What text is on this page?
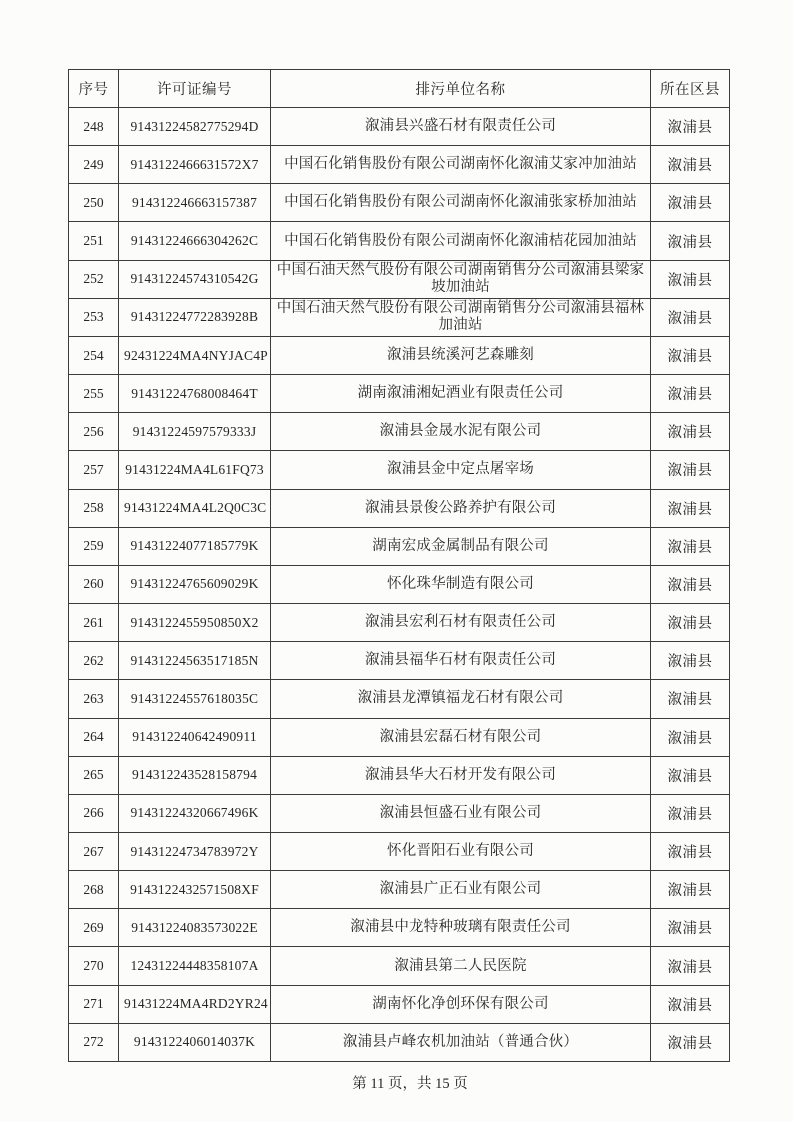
序号	许可证编号	排污单位名称	所在区县
248	91431224582775294D	溆浦县兴盛石材有限责任公司	溆浦县
249	9143122466631572X7	中国石化销售股份有限公司湖南怀化溆浦艾家冲加油站	溆浦县
250	914312246663157387	中国石化销售股份有限公司湖南怀化溆浦张家桥加油站	溆浦县
251	91431224666304262C	中国石化销售股份有限公司湖南怀化溆浦桔花园加油站	溆浦县
252	91431224574310542G	中国石油天然气股份有限公司湖南销售分公司溆浦县梁家坡加油站	溆浦县
253	91431224772283928B	中国石油天然气股份有限公司湖南销售分公司溆浦县福林加油站	溆浦县
254	92431224MA4NYJAC4P	溆浦县统溪河艺森雕刻	溆浦县
255	91431224768008464T	湖南溆浦湘妃酒业有限责任公司	溆浦县
256	91431224597579333J	溆浦县金晟水泥有限公司	溆浦县
257	91431224MA4L61FQ73	溆浦县金中定点屠宰场	溆浦县
258	91431224MA4L2Q0C3C	溆浦县景俊公路养护有限公司	溆浦县
259	91431224077185779K	湖南宏成金属制品有限公司	溆浦县
260	91431224765609029K	怀化珠华制造有限公司	溆浦县
261	9143122455950850X2	溆浦县宏利石材有限责任公司	溆浦县
262	91431224563517185N	溆浦县福华石材有限责任公司	溆浦县
263	91431224557618035C	溆浦县龙潭镇福龙石材有限公司	溆浦县
264	914312240642490911	溆浦县宏磊石材有限公司	溆浦县
265	914312243528158794	溆浦县华大石材开发有限公司	溆浦县
266	91431224320667496K	溆浦县恒盛石业有限公司	溆浦县
267	91431224734783972Y	怀化晋阳石业有限公司	溆浦县
268	9143122432571508XF	溆浦县广正石业有限公司	溆浦县
269	91431224083573022E	溆浦县中龙特种玻璃有限责任公司	溆浦县
270	12431224448358107A	溆浦县第二人民医院	溆浦县
271	91431224MA4RD2YR24	湖南怀化净创环保有限公司	溆浦县
272	9143122406014037K	溆浦县卢峰农机加油站（普通合伙）	溆浦县
第 11 页，共 15 页
